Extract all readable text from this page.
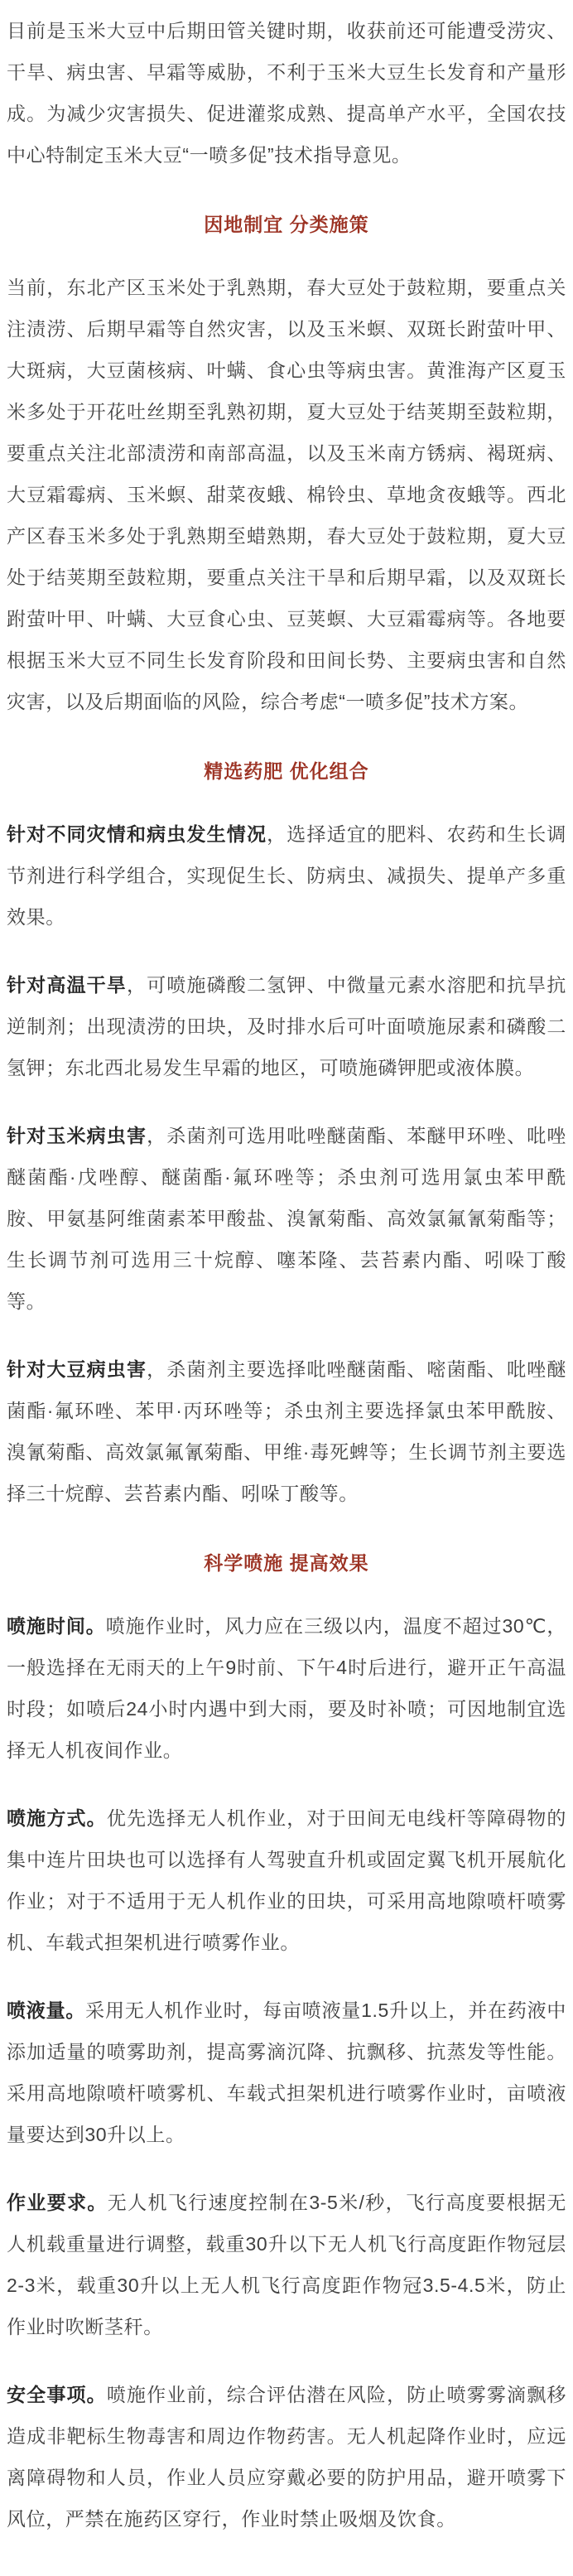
目前是玉米大豆中后期田管关键时期，收获前还可能遭受涝灾、干旱、病虫害、早霜等威胁，不利于玉米大豆生长发育和产量形成。为减少灾害损失、促进灌浆成熟、提高单产水平，全国农技中心特制定玉米大豆“一喷多促”技术指导意见。

因地制宜 分类施策

当前，东北产区玉米处于乳熟期，春大豆处于鼓粒期，要重点关注渍涝、后期早霜等自然灾害，以及玉米螟、双斑长跗萤叶甲、大斑病，大豆菌核病、叶螨、食心虫等病虫害。黄淮海产区夏玉米多处于开花吐丝期至乳熟初期，夏大豆处于结荚期至鼓粒期，要重点关注北部渍涝和南部高温，以及玉米南方锈病、褐斑病、大豆霜霉病、玉米螟、甜菜夜蛾、棉铃虫、草地贪夜蛾等。西北产区春玉米多处于乳熟期至蜡熟期，春大豆处于鼓粒期，夏大豆处于结荚期至鼓粒期，要重点关注干旱和后期早霜，以及双斑长跗萤叶甲、叶螨、大豆食心虫、豆荚螟、大豆霜霉病等。各地要根据玉米大豆不同生长发育阶段和田间长势、主要病虫害和自然灾害，以及后期面临的风险，综合考虑“一喷多促”技术方案。

精选药肥 优化组合

针对不同灾情和病虫发生情况，选择适宜的肥料、农药和生长调节剂进行科学组合，实现促生长、防病虫、减损失、提单产多重效果。

针对高温干旱，可喷施磷酸二氢钾、中微量元素水溶肥和抗旱抗逆制剂；出现渍涝的田块，及时排水后可叶面喷施尿素和磷酸二氢钾；东北西北易发生早霜的地区，可喷施磷钾肥或液体膜。

针对玉米病虫害，杀菌剂可选用吡唑醚菌酯、苯醚甲环唑、吡唑醚菌酯·戊唑醇、醚菌酯·氟环唑等；杀虫剂可选用氯虫苯甲酰胺、甲氨基阿维菌素苯甲酸盐、溴氰菊酯、高效氯氟氰菊酯等；生长调节剂可选用三十烷醇、噻苯隆、芸苔素内酯、吲哚丁酸等。

针对大豆病虫害，杀菌剂主要选择吡唑醚菌酯、嘧菌酯、吡唑醚菌酯·氟环唑、苯甲·丙环唑等；杀虫剂主要选择氯虫苯甲酰胺、溴氰菊酯、高效氯氟氰菊酯、甲维·毒死蜱等；生长调节剂主要选择三十烷醇、芸苔素内酯、吲哚丁酸等。

科学喷施 提高效果

喷施时间。喷施作业时，风力应在三级以内，温度不超过30℃，一般选择在无雨天的上午9时前、下午4时后进行，避开正午高温时段；如喷后24小时内遇中到大雨，要及时补喷；可因地制宜选择无人机夜间作业。

喷施方式。优先选择无人机作业，对于田间无电线杆等障碍物的集中连片田块也可以选择有人驾驶直升机或固定翼飞机开展航化作业；对于不适用于无人机作业的田块，可采用高地隙喷杆喷雾机、车载式担架机进行喷雾作业。

喷液量。采用无人机作业时，每亩喷液量1.5升以上，并在药液中添加适量的喷雾助剂，提高雾滴沉降、抗飘移、抗蒸发等性能。采用高地隙喷杆喷雾机、车载式担架机进行喷雾作业时，亩喷液量要达到30升以上。

作业要求。无人机飞行速度控制在3-5米/秒，飞行高度要根据无人机载重量进行调整，载重30升以下无人机飞行高度距作物冠层2-3米，载重30升以上无人机飞行高度距作物冠3.5-4.5米，防止作业时吹断茎秆。

安全事项。喷施作业前，综合评估潜在风险，防止喷雾雾滴飘移造成非靶标生物毒害和周边作物药害。无人机起降作业时，应远离障碍物和人员，作业人员应穿戴必要的防护用品，避开喷雾下风位，严禁在施药区穿行，作业时禁止吸烟及饮食。
